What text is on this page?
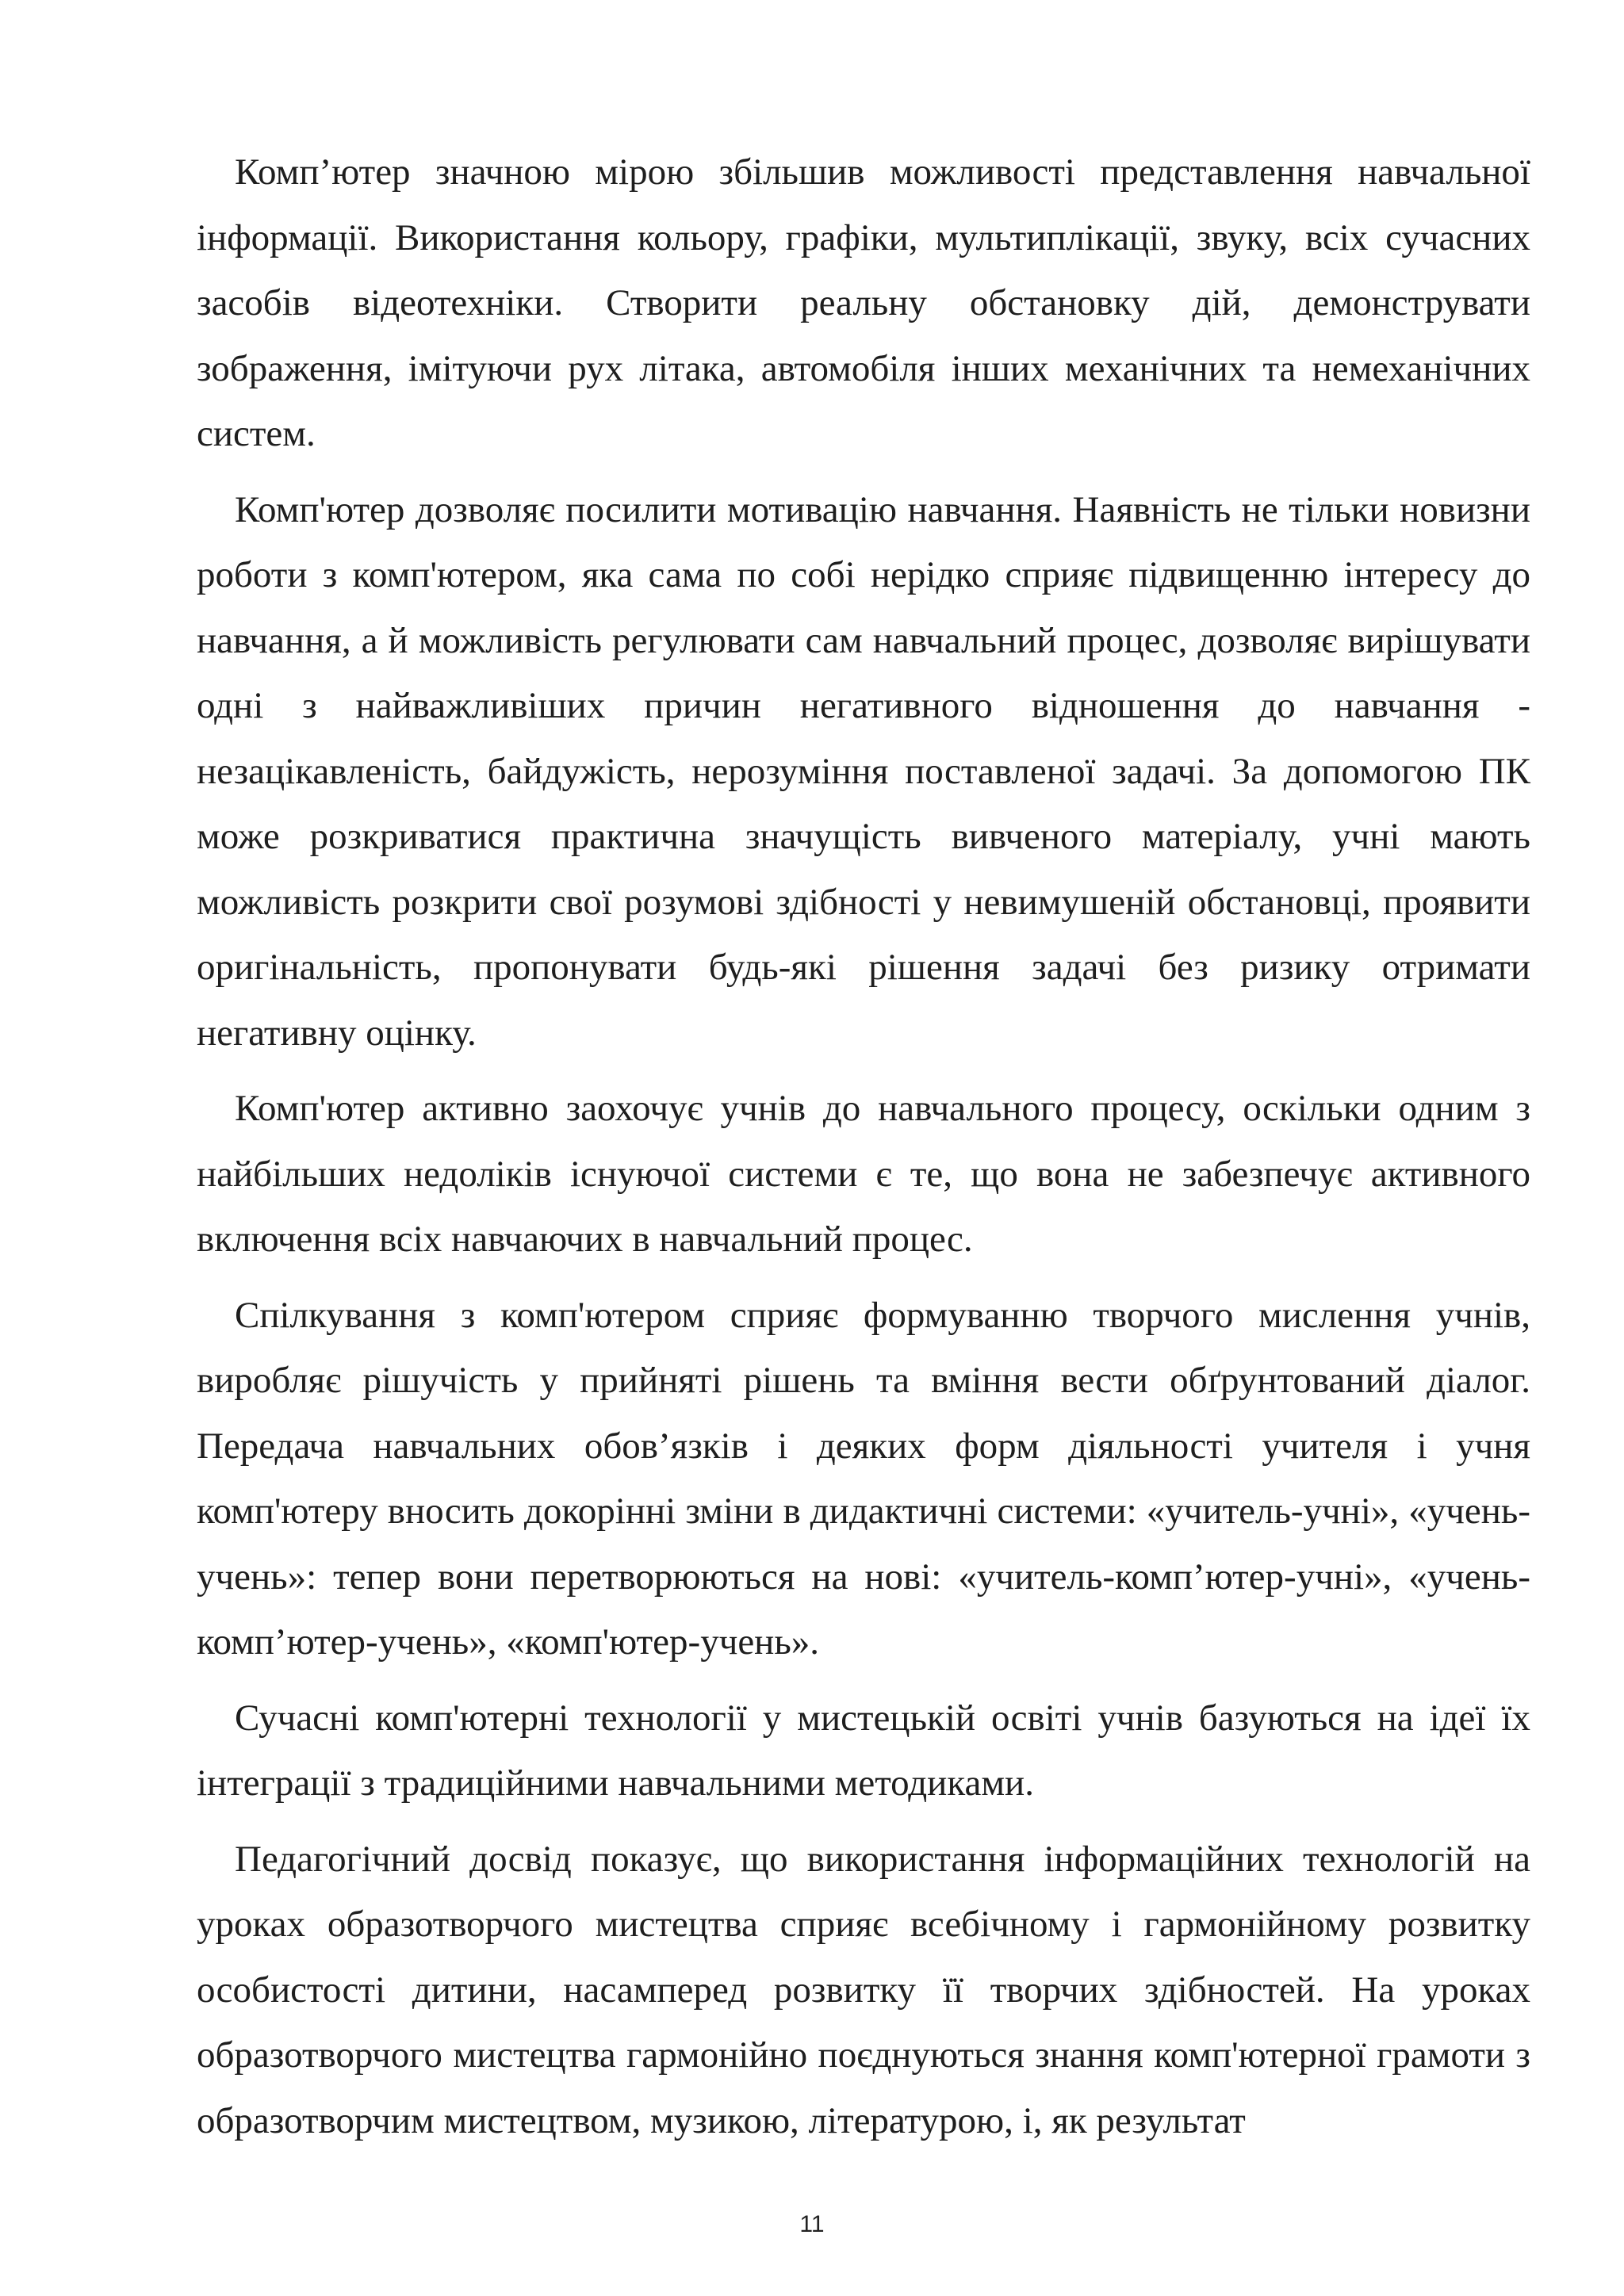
Комп’ютер значною мірою збільшив можливості представлення навчальної інформації. Використання кольору, графіки, мультиплікації, звуку, всіх сучасних засобів відеотехніки. Створити реальну обстановку дій, демонструвати зображення, імітуючи рух літака, автомобіля інших механічних та немеханічних систем.

Комп'ютер дозволяє посилити мотивацію навчання. Наявність не тільки новизни роботи з комп'ютером, яка сама по собі нерідко сприяє підвищенню інтересу до навчання, а й можливість регулювати сам навчальний процес, дозволяє вирішувати одні з найважливіших причин негативного відношення до навчання - незацікавленість, байдужість, нерозуміння поставленої задачі. За допомогою ПК може розкриватися практична значущість вивченого матеріалу, учні мають можливість розкрити свої розумові здібності у невимушеній обстановці, проявити оригінальність, пропонувати будь-які рішення задачі без ризику отримати негативну оцінку.

Комп'ютер активно заохочує учнів до навчального процесу, оскільки одним з найбільших недоліків існуючої системи є те, що вона не забезпечує активного включення всіх навчаючих в навчальний процес.

Спілкування з комп'ютером сприяє формуванню творчого мислення учнів, виробляє рішучість у прийняті рішень та вміння вести обґрунтований діалог. Передача навчальних обов’язків і деяких форм діяльності учителя і учня комп'ютеру вносить докорінні зміни в дидактичні системи: «учитель-учні», «учень-учень»: тепер вони перетворюються на нові: «учитель-комп’ютер-учні», «учень- комп’ютер-учень», «комп'ютер-учень».

Сучасні комп'ютерні технології у мистецькій освіті учнів базуються на ідеї їх інтеграції з традиційними навчальними методиками.

Педагогічний досвід показує, що використання інформаційних технологій на уроках образотворчого мистецтва сприяє всебічному і гармонійному розвитку особистості дитини, насамперед розвитку її творчих здібностей. На уроках образотворчого мистецтва гармонійно поєднуються знання комп'ютерної грамоти з образотворчим мистецтвом, музикою, літературою, і, як результат

11
